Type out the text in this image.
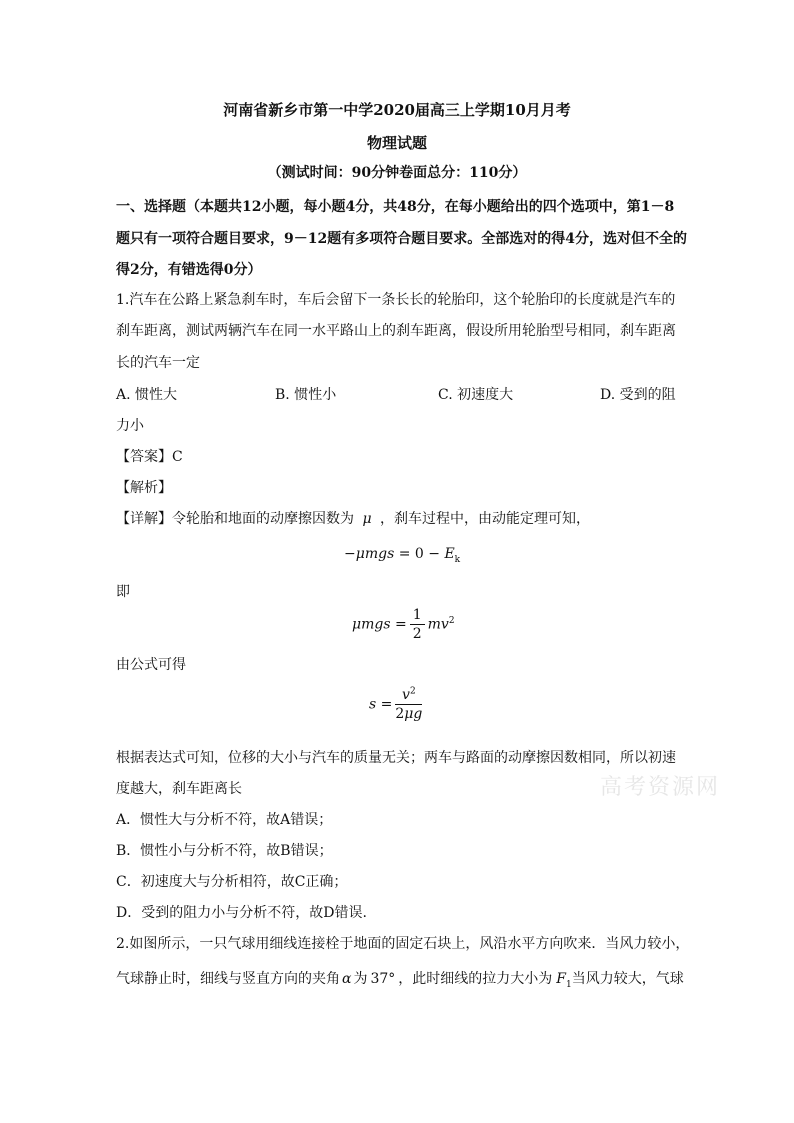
河南省新乡市第一中学2020届高三上学期10月月考
物理试题
（测试时间：90分钟卷面总分：110分）
一、选择题（本题共12小题，每小题4分，共48分，在每小题给出的四个选项中，第1－8
题只有一项符合题目要求，9－12题有多项符合题目要求。全部选对的得4分，选对但不全的
得2分，有错选得0分）
1.汽车在公路上紧急刹车时，车后会留下一条长长的轮胎印，这个轮胎印的长度就是汽车的
刹车距离，测试两辆汽车在同一水平路山上的刹车距离，假设所用轮胎型号相同，刹车距离
长的汽车一定
A. 惯性大	B. 惯性小	C. 初速度大	D. 受到的阻
力小
【答案】C
【解析】
【详解】令轮胎和地面的动摩擦因数为 μ ，刹车过程中，由动能定理可知，
$-\mu mgs = 0 - E_k$
即
$\mu mgs = \frac{1}{2} mv^2$
由公式可得
$s = \frac{v^2}{2\mu g}$
根据表达式可知，位移的大小与汽车的质量无关；两车与路面的动摩擦因数相同，所以初速
度越大，刹车距离长
A．惯性大与分析不符，故A错误；
B．惯性小与分析不符，故B错误；
C．初速度大与分析相符，故C正确；
D．受到的阻力小与分析不符，故D错误.
2.如图所示，一只气球用细线连接栓于地面的固定石块上，风沿水平方向吹来．当风力较小，
气球静止时，细线与竖直方向的夹角 α 为 37° ，此时细线的拉力大小为 $F_1$当风力较大，气球
高考资源网
